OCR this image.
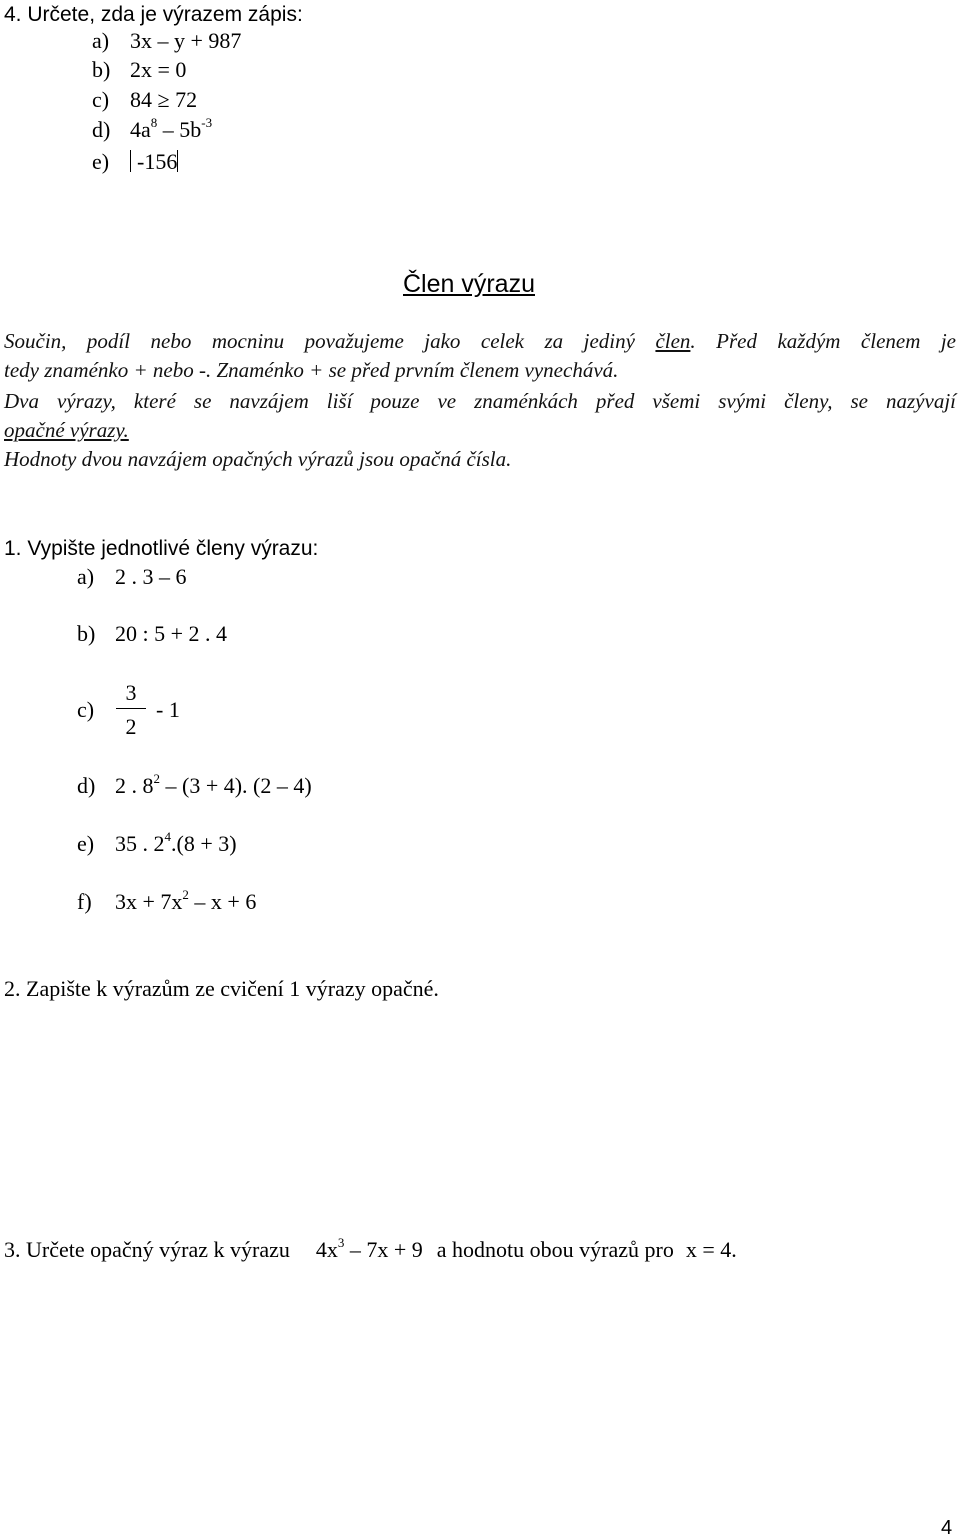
4. Určete, zda je výrazem zápis:
a) 3x – y + 987
b) 2x = 0
c) 84 ≥ 72
d) $4a^8 - 5b^{-3}$
e) -156
Člen výrazu
Součin, podíl nebo mocninu považujeme jako celek za jediný člen. Před každým členem je
tedy znaménko + nebo -. Znaménko + se před prvním členem vynechává.
Dva výrazy, které se navzájem liší pouze ve znaménkách před všemi svými členy, se nazývají
opačné výrazy.
Hodnoty dvou navzájem opačných výrazů jsou opačná čísla.
1. Vypište jednotlivé členy výrazu:
a) 2 . 3 – 6
b) 20 : 5 + 2 . 4
c)
3
2
- 1
d) 2 . $8^2 - (3 + 4)$. (2 – 4)
e) 35 . $2^4.(8 + 3)$
f) $3x + 7x^2 - x + 6$
2. Zapište k výrazům ze cvičení 1 výrazy opačné.
3. Určete opačný výraz k výrazu $4x^3 - 7x + 9$ a hodnotu obou výrazů pro x = 4.
4
